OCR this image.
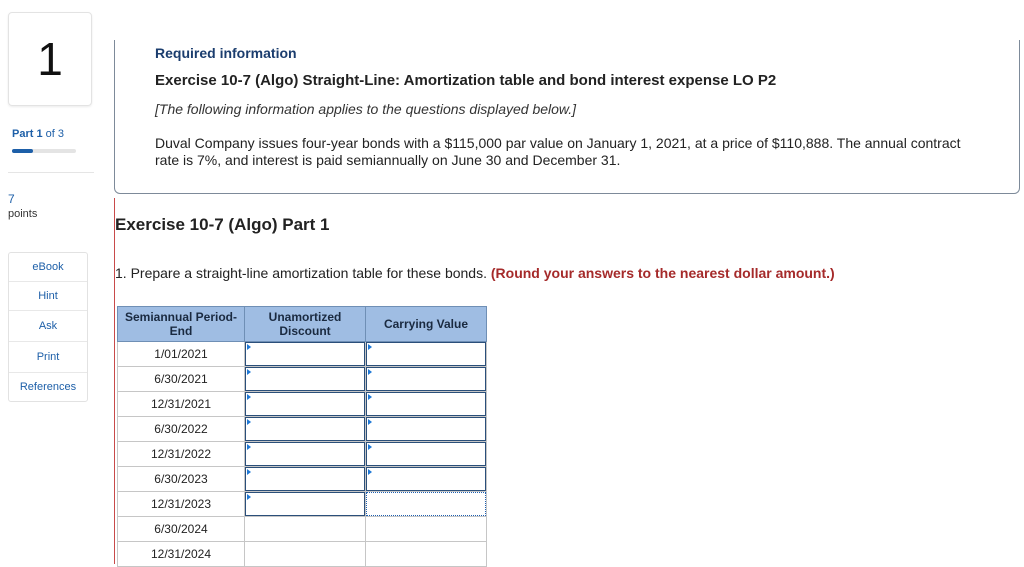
1
Part 1 of 3
7
points
eBook
Hint
Ask
Print
References
Required information
Exercise 10-7 (Algo) Straight-Line: Amortization table and bond interest expense LO P2
[The following information applies to the questions displayed below.]
Duval Company issues four-year bonds with a $115,000 par value on January 1, 2021, at a price of $110,888. The annual contract rate is 7%, and interest is paid semiannually on June 30 and December 31.
Exercise 10-7 (Algo) Part 1
1. Prepare a straight-line amortization table for these bonds. (Round your answers to the nearest dollar amount.)
Semiannual Period-End	Unamortized Discount	Carrying Value
1/01/2021	

6/30/2021	

12/31/2021	

6/30/2022	

12/31/2022	

6/30/2023	

12/31/2023	

6/30/2024		
12/31/2024		
